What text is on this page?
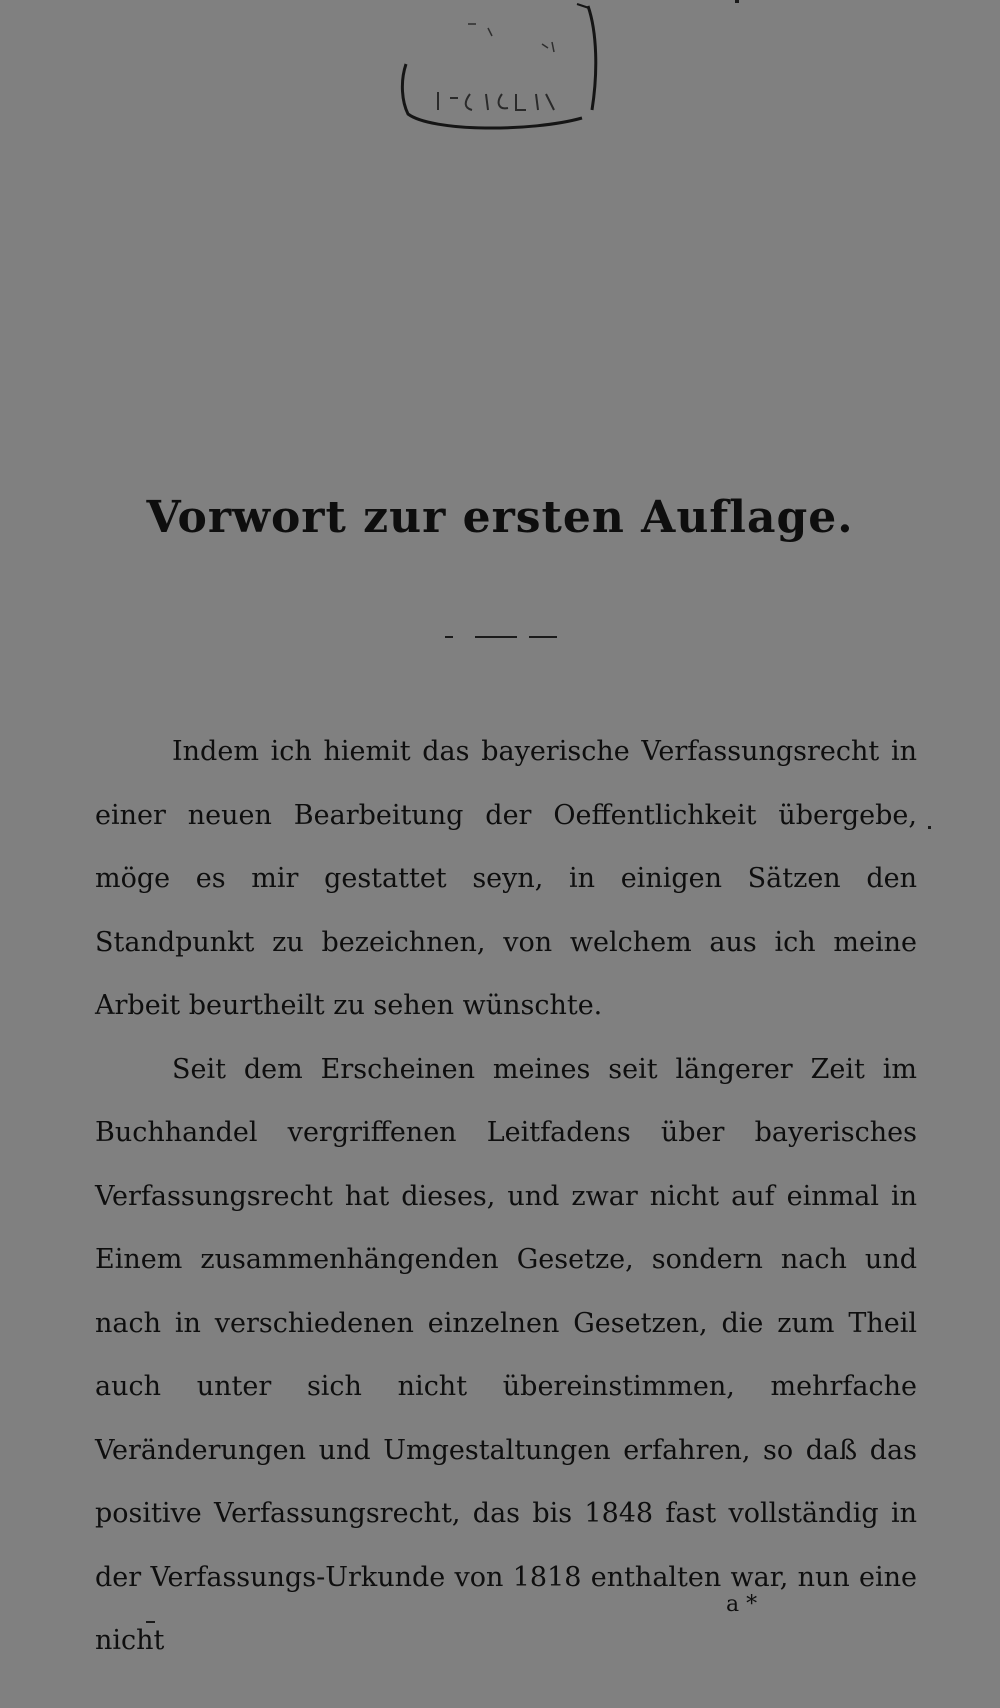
Vorwort zur ersten Auflage.

Indem ich hiemit das bayerische Verfassungsrecht in einer neuen Bearbeitung der Oeffentlichkeit übergebe, möge es mir gestattet seyn, in einigen Sätzen den Standpunkt zu bezeichnen, von welchem aus ich meine Arbeit beurtheilt zu sehen wünschte.

Seit dem Erscheinen meines seit längerer Zeit im Buchhandel vergriffenen Leitfadens über bayerisches Verfassungsrecht hat dieses, und zwar nicht auf einmal in Einem zusammenhängenden Gesetze, sondern nach und nach in verschiedenen einzelnen Gesetzen, die zum Theil auch unter sich nicht übereinstimmen, mehrfache Veränderungen und Umgestaltungen erfahren, so daß das positive Verfassungsrecht, das bis 1848 fast vollständig in der Verfassungs-Urkunde von 1818 enthalten war, nun eine nicht

a *
